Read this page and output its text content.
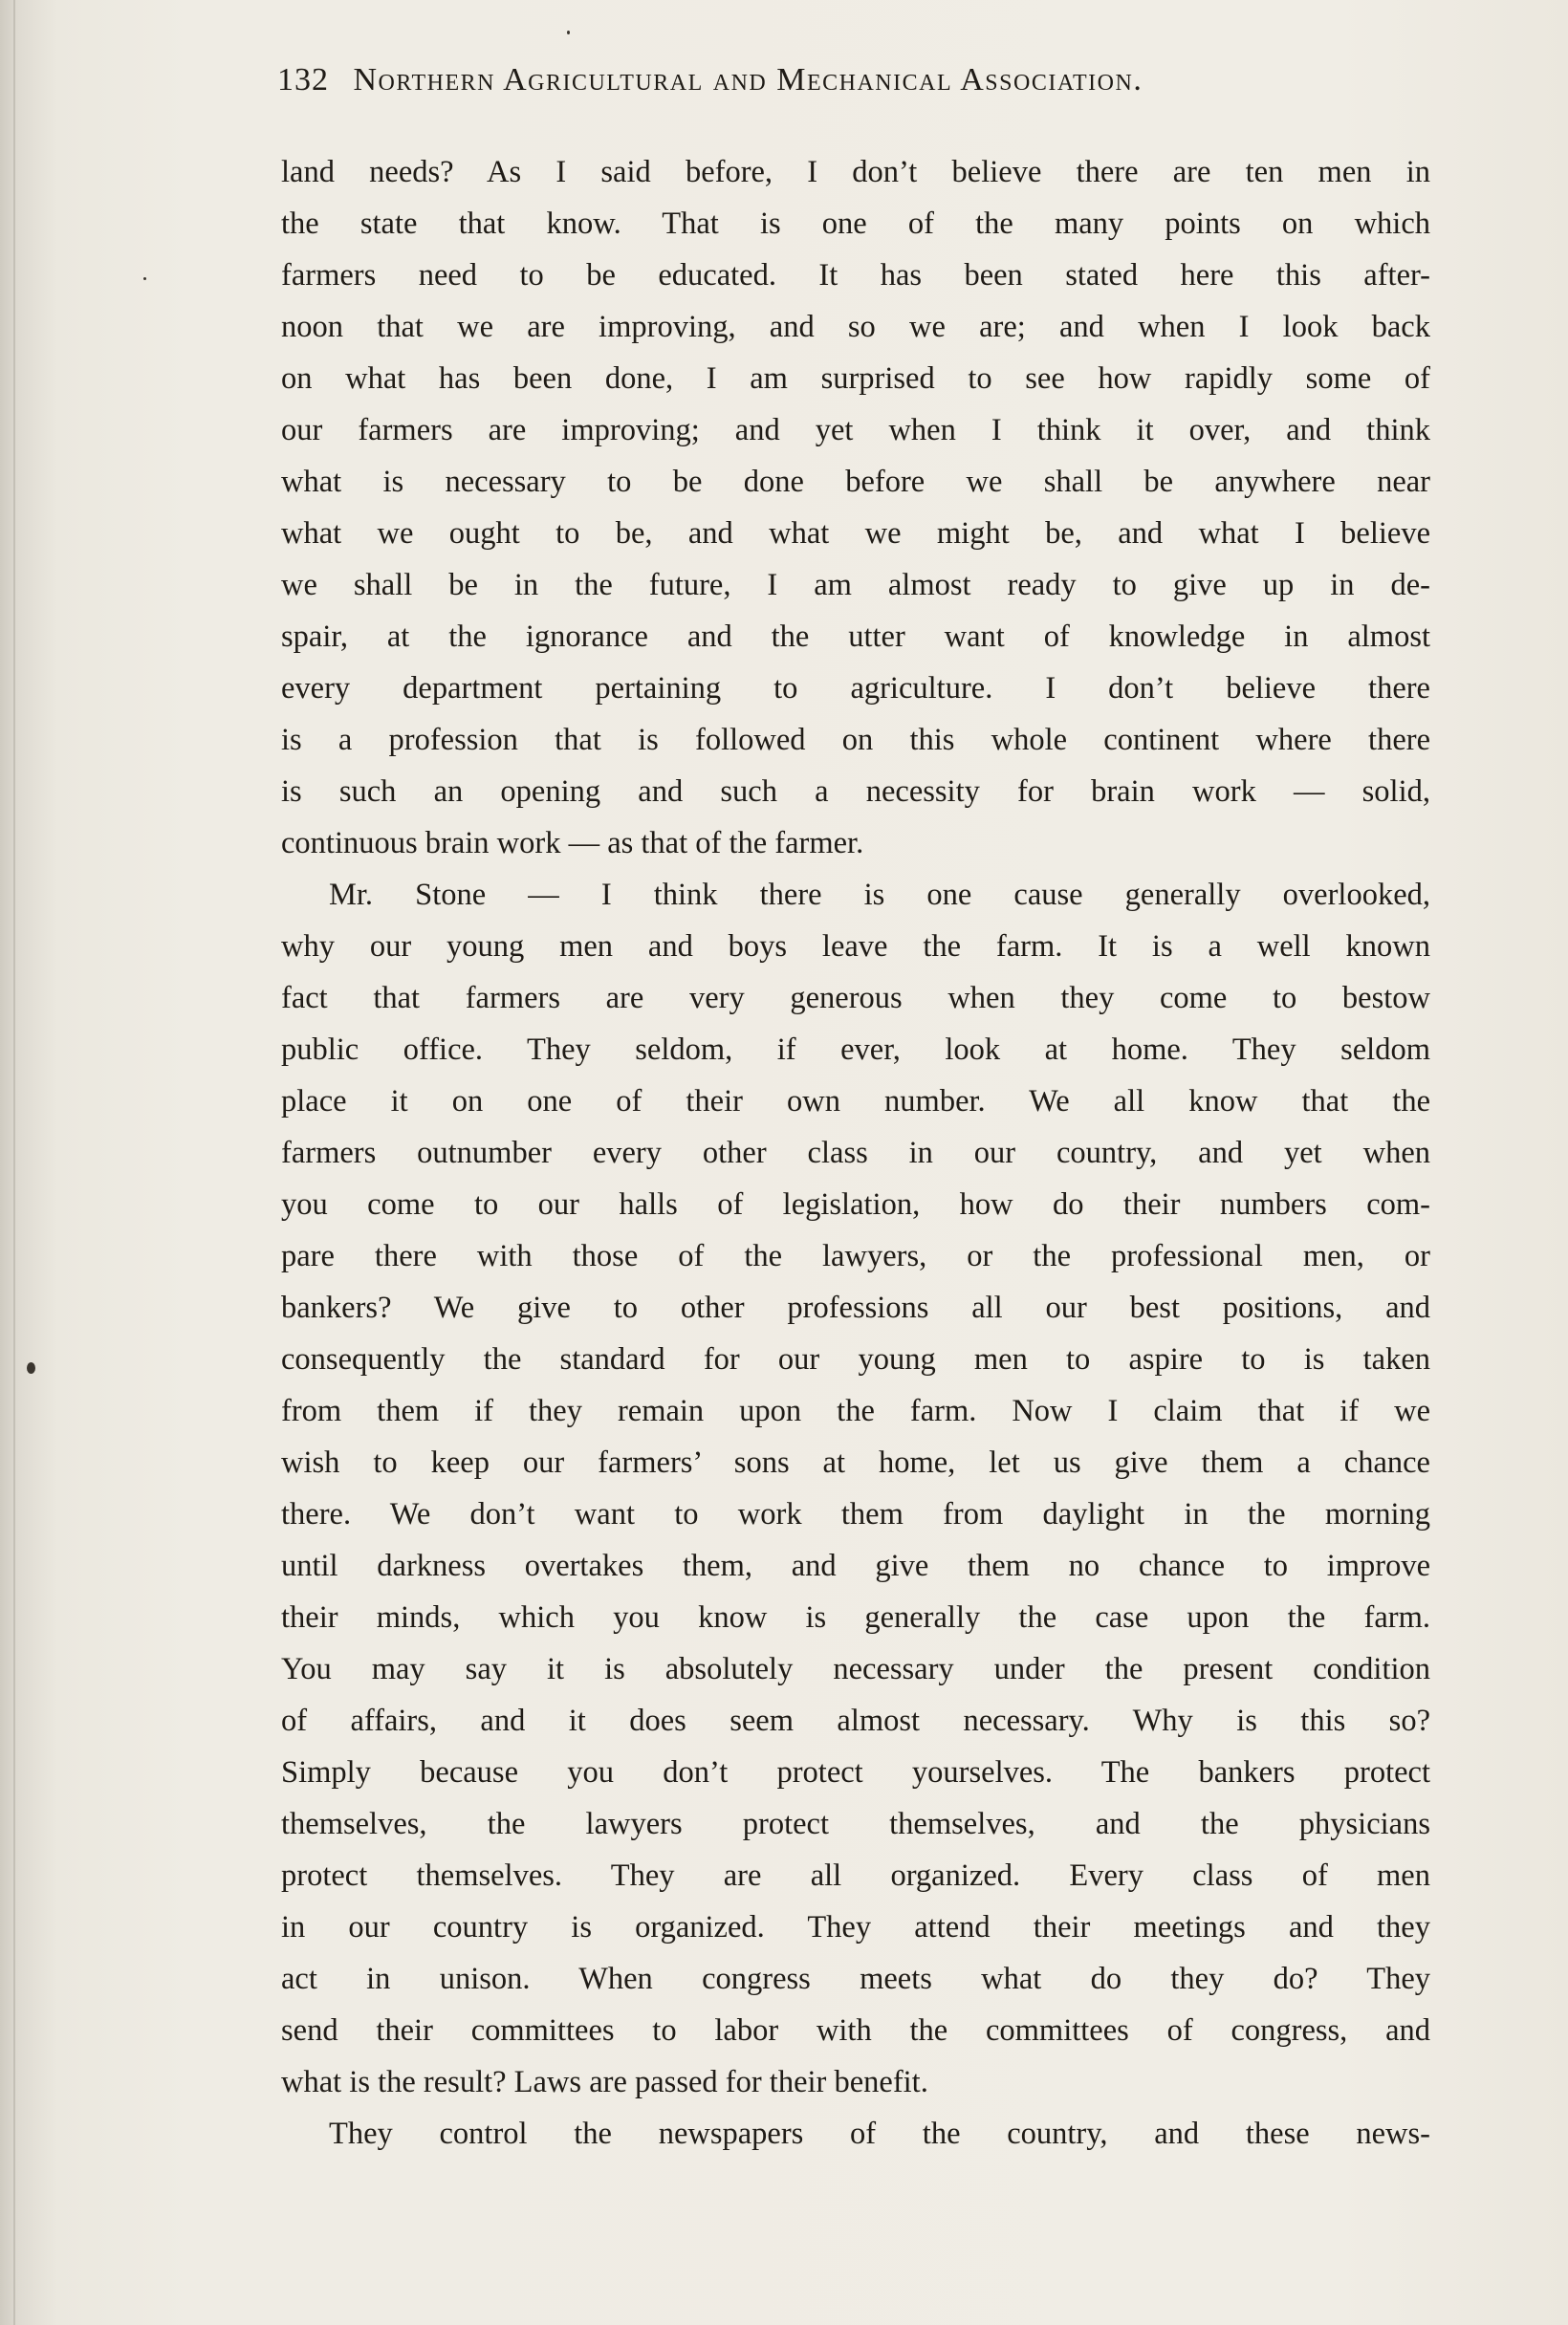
132 Northern Agricultural and Mechanical Association.
land needs? As I said before, I don’t believe there are ten men in
the state that know. That is one of the many points on which
farmers need to be educated. It has been stated here this after-
noon that we are improving, and so we are; and when I look back
on what has been done, I am surprised to see how rapidly some of
our farmers are improving; and yet when I think it over, and think
what is necessary to be done before we shall be anywhere near
what we ought to be, and what we might be, and what I believe
we shall be in the future, I am almost ready to give up in de-
spair, at the ignorance and the utter want of knowledge in almost
every department pertaining to agriculture. I don’t believe there
is a profession that is followed on this whole continent where there
is such an opening and such a necessity for brain work — solid,
continuous brain work — as that of the farmer.
Mr. Stone — I think there is one cause generally overlooked,
why our young men and boys leave the farm. It is a well known
fact that farmers are very generous when they come to bestow
public office. They seldom, if ever, look at home. They seldom
place it on one of their own number. We all know that the
farmers outnumber every other class in our country, and yet when
you come to our halls of legislation, how do their numbers com-
pare there with those of the lawyers, or the professional men, or
bankers? We give to other professions all our best positions, and
consequently the standard for our young men to aspire to is taken
from them if they remain upon the farm. Now I claim that if we
wish to keep our farmers’ sons at home, let us give them a chance
there. We don’t want to work them from daylight in the morning
until darkness overtakes them, and give them no chance to improve
their minds, which you know is generally the case upon the farm.
You may say it is absolutely necessary under the present condition
of affairs, and it does seem almost necessary. Why is this so?
Simply because you don’t protect yourselves. The bankers protect
themselves, the lawyers protect themselves, and the physicians
protect themselves. They are all organized. Every class of men
in our country is organized. They attend their meetings and they
act in unison. When congress meets what do they do? They
send their committees to labor with the committees of congress, and
what is the result? Laws are passed for their benefit.
They control the newspapers of the country, and these news-
